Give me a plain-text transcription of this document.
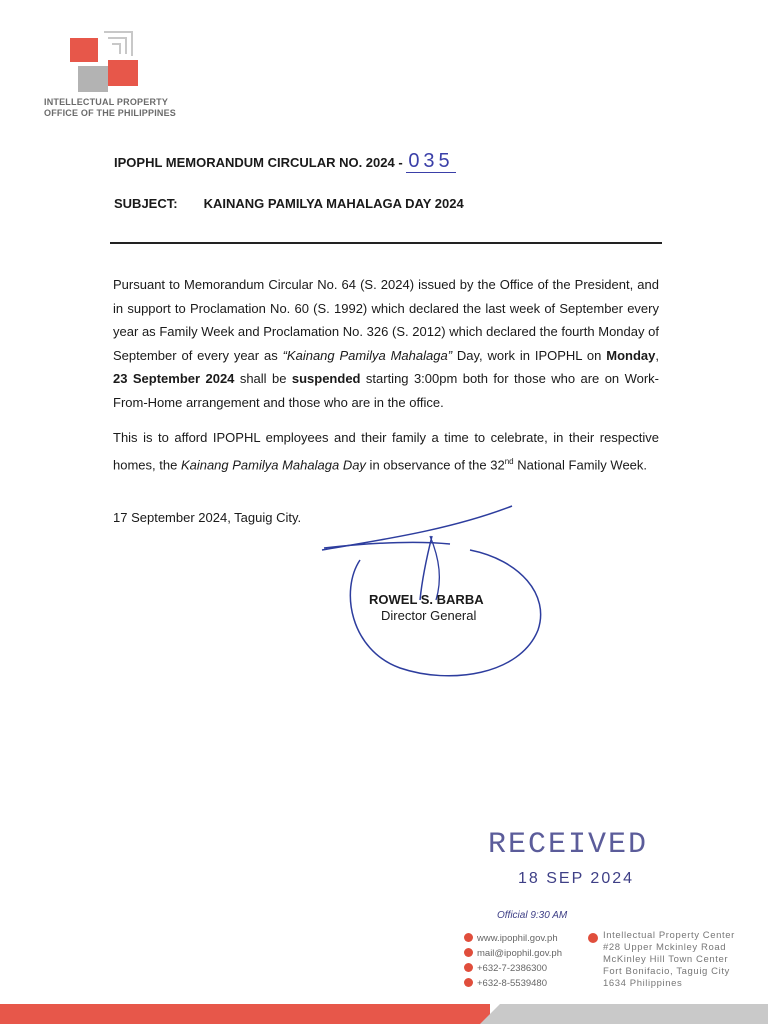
INTELLECTUAL PROPERTY
OFFICE OF THE PHILIPPINES
IPOPHL MEMORANDUM CIRCULAR NO. 2024 - 035
SUBJECT: KAINANG PAMILYA MAHALAGA DAY 2024
Pursuant to Memorandum Circular No. 64 (S. 2024) issued by the Office of the President, and in support to Proclamation No. 60 (S. 1992) which declared the last week of September every year as Family Week and Proclamation No. 326 (S. 2012) which declared the fourth Monday of September of every year as “Kainang Pamilya Mahalaga” Day, work in IPOPHL on Monday, 23 September 2024 shall be suspended starting 3:00pm both for those who are on Work-From-Home arrangement and those who are in the office.
This is to afford IPOPHL employees and their family a time to celebrate, in their respective homes, the Kainang Pamilya Mahalaga Day in observance of the 32nd National Family Week.
17 September 2024, Taguig City.
ROWEL S. BARBA
Director General
RECEIVED
18 SEP 2024
Official 9:30 AM
www.ipophil.gov.ph
mail@ipophil.gov.ph
+632-7-2386300
+632-8-5539480
Intellectual Property Center
#28 Upper Mckinley Road
McKinley Hill Town Center
Fort Bonifacio, Taguig City
1634 Philippines
